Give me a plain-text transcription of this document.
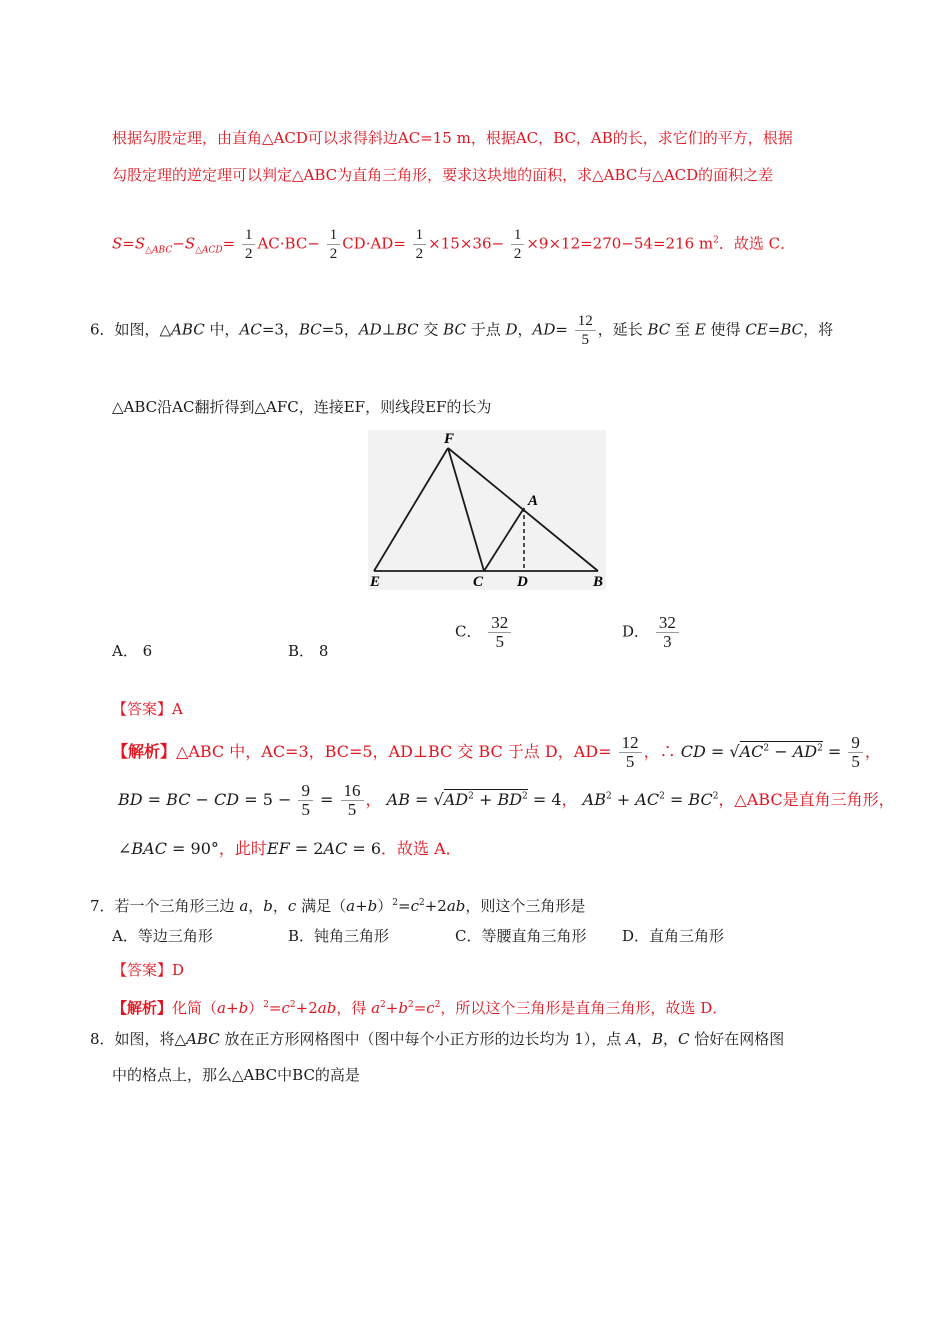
根据勾股定理，由直角△ACD可以求得斜边AC=15 m，根据AC，BC，AB的长，求它们的平方，根据
勾股定理的逆定理可以判定△ABC为直角三角形，要求这块地的面积，求△ABC与△ACD的面积之差
$S=S_{\triangle ABC}-S_{\triangle ACD}= \frac{1}{2} AC\cdot BC- \frac{1}{2} CD\cdot AD= \frac{1}{2} \times 15\times 36- \frac{1}{2} \times 9\times 12=270-54=216$ $m^2$．故选 C．
6．如图，△ABC 中，AC=3，BC=5，AD⊥BC 交 BC 于点 D，$AD= \frac{12}{5}$ ，延长 BC 至 E 使得 CE=BC，将
△ABC沿AC翻折得到△AFC，连接EF，则线段EF的长为
F
A
E	C D	B
A． 6	B． 8
C． $\frac{32}{5}$	D． $\frac{32}{3}$
【答案】A
【解析】△ABC 中，AC=3，BC=5，AD⊥BC 交 BC 于点 D，$AD= \frac{12}{5}$ ，∴ CD = $√AC^2 - AD^2 = \frac{9}{5}$ ，
BD = BC − CD = $5 - \frac{9}{5} = \frac{16}{5}$ ， AB = $√AD^2 + BD^2 = 4$， $AB^2 + AC^2 = BC^2$，△ABC是直角三角形，
∠BAC = 90°，此时EF = 2AC = 6．故选 A．
7．若一个三角形三边 a，b，c 满足$(a+b)^2=c^2+2ab$，则这个三角形是
A．等边三角形	B．钝角三角形	C．等腰直角三角形 D．直角三角形
【答案】D
【解析】化简$(a+b)^2=c^2+2ab$，得 $a^2+b^2=c^2$，所以这个三角形是直角三角形，故选 D．
8．如图，将△ABC 放在正方形网格图中（图中每个小正方形的边长均为 1），点 A，B，C 恰好在网格图
中的格点上，那么△ABC中BC的高是
